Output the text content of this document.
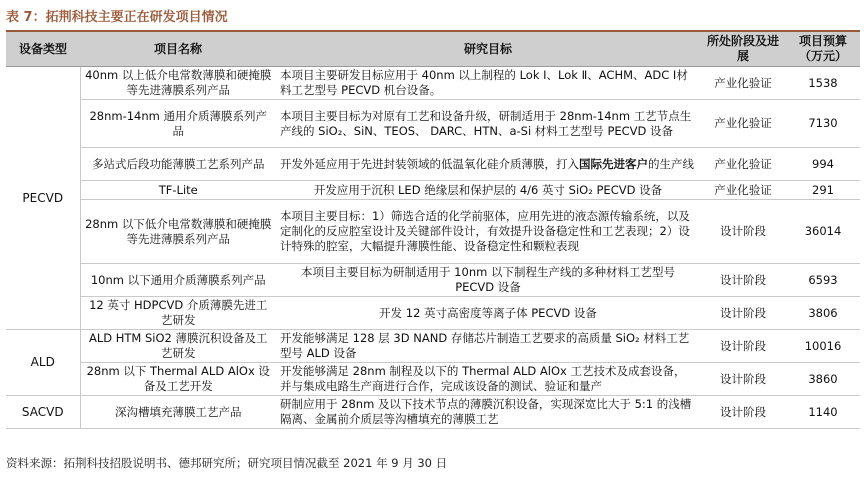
表 7：拓荆科技主要正在研发项目情况
设备类型	项目名称	研究目标	所处阶段及进展	项目预算（万元）
PECVD	40nm 以上低介电常数薄膜和硬掩膜等先进薄膜系列产品	本项目主要研发目标应用于 40nm 以上制程的 Lok Ⅰ、Lok Ⅱ、ACHM、ADC Ⅰ材料工艺型号 PECVD 机台设备。	产业化验证	1538
	28nm-14nm 通用介质薄膜系列产品	本项目主要目标为对原有工艺和设备升级，研制适用于 28nm-14nm 工艺节点生产线的 SiO₂、SiN、TEOS、 DARC、HTN、a-Si 材料工艺型号 PECVD 设备	产业化验证	7130
	多站式后段功能薄膜工艺系列产品	开发外延应用于先进封装领域的低温氧化硅介质薄膜，打入国际先进客户的生产线	产业化验证	994
	TF-Lite	开发应用于沉积 LED 绝缘层和保护层的 4/6 英寸 SiO₂ PECVD 设备	产业化验证	291
	28nm 以下低介电常数薄膜和硬掩膜等先进薄膜系列产品	本项目主要目标：1）筛选合适的化学前驱体，应用先进的液态源传输系统，以及定制化的反应腔室设计及关键部件设计，有效提升设备稳定性和工艺表现；2）设计特殊的腔室，大幅提升薄膜性能、设备稳定性和颗粒表现	设计阶段	36014
	10nm 以下通用介质薄膜系列产品	本项目主要目标为研制适用于 10nm 以下制程生产线的多种材料工艺型号 PECVD 设备	设计阶段	6593
	12 英寸 HDPCVD 介质薄膜先进工艺研发	开发 12 英寸高密度等离子体 PECVD 设备	设计阶段	3806
ALD	ALD HTM SiO2 薄膜沉积设备及工艺研发	开发能够满足 128 层 3D NAND 存储芯片制造工艺要求的高质量 SiO₂ 材料工艺型号 ALD 设备	设计阶段	10016
	28nm 以下 Thermal ALD AlOx 设备及工艺开发	开发能够满足 28nm 制程及以下的 Thermal ALD AlOx 工艺技术及成套设备，并与集成电路生产商进行合作，完成该设备的测试、验证和量产	设计阶段	3860
SACVD	深沟槽填充薄膜工艺产品	研制应用于 28nm 及以下技术节点的薄膜沉积设备，实现深宽比大于 5:1 的浅槽隔离、金属前介质层等沟槽填充的薄膜工艺	设计阶段	1140
资料来源：拓荆科技招股说明书、德邦研究所；研究项目情况截至 2021 年 9 月 30 日
